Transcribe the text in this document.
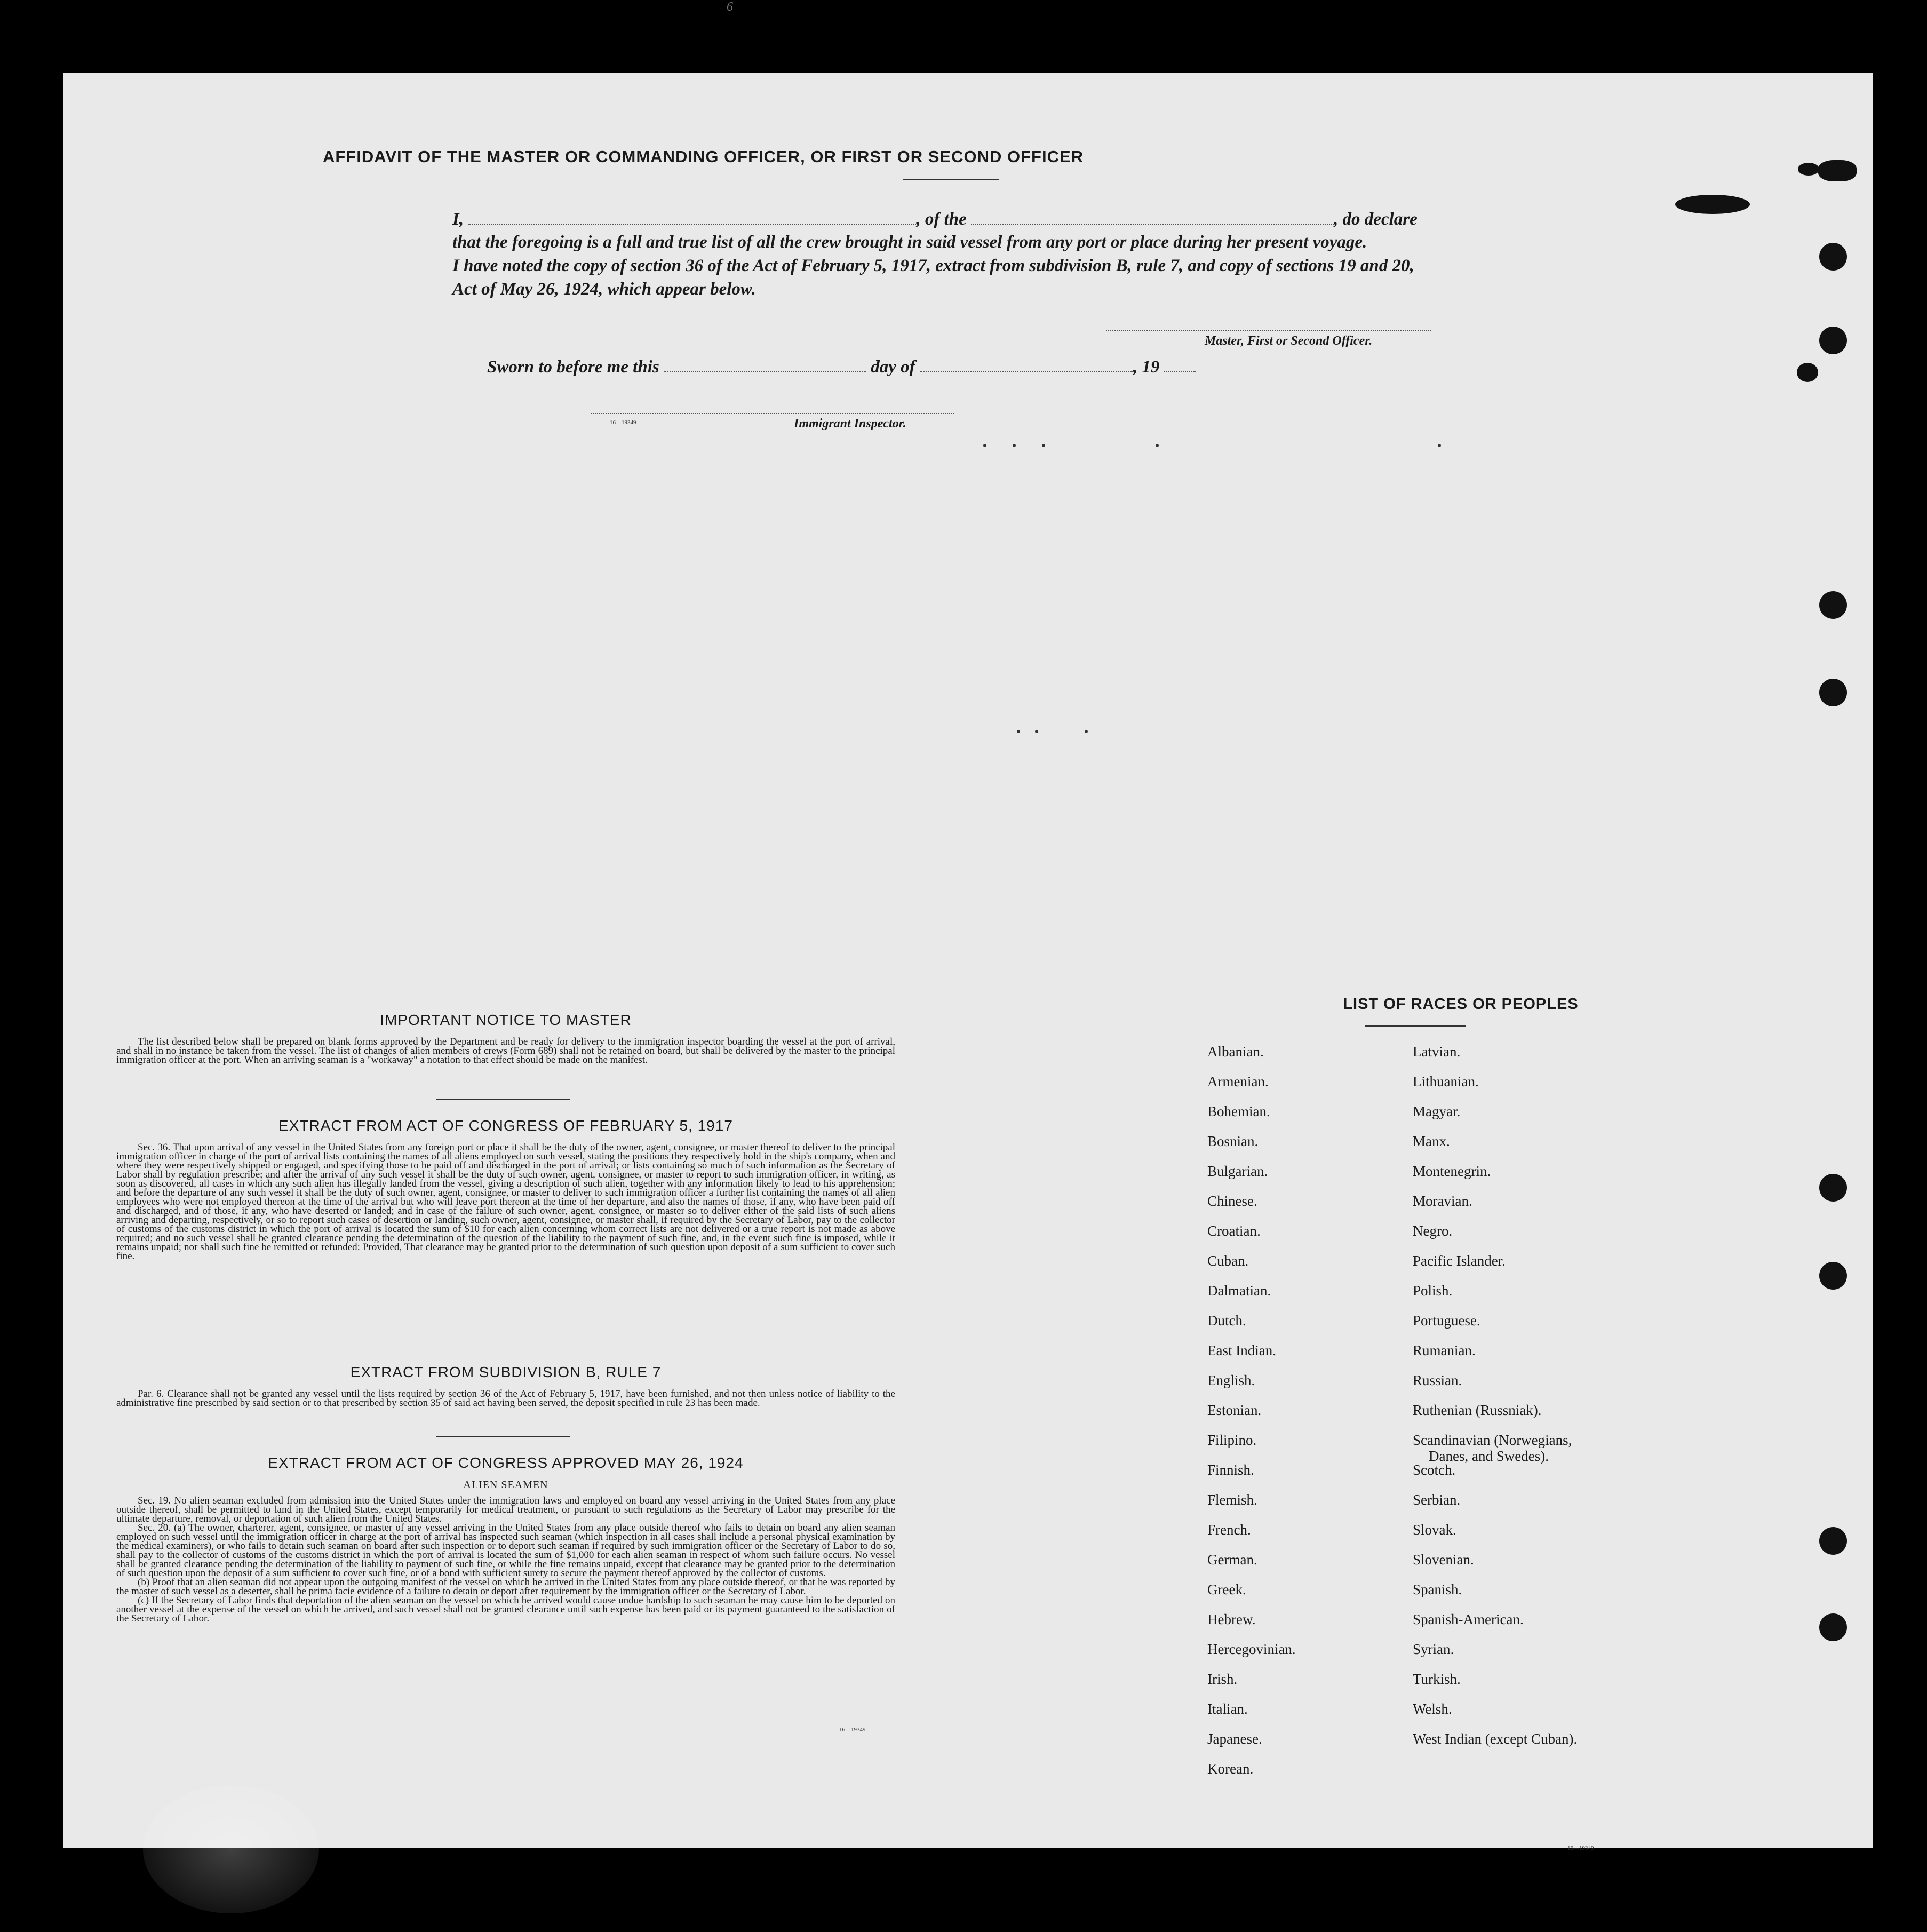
6
AFFIDAVIT OF THE MASTER OR COMMANDING OFFICER, OR FIRST OR SECOND OFFICER
I,	, of the	, do declare
that the foregoing is a full and true list of all the crew brought in said vessel from any port or place during her present voyage.
I have noted the copy of section 36 of the Act of February 5, 1917, extract from subdivision B, rule 7, and copy of sections 19 and 20,
Act of May 26, 1924, which appear below.
Master, First or Second Officer.
Sworn to before me this	day of	, 19
16—19349	Immigrant Inspector.
IMPORTANT NOTICE TO MASTER

The list described below shall be prepared on blank forms approved by the Department and be ready for delivery to the immigration inspector boarding the vessel at the port of arrival, and shall in no instance be taken from the vessel. The list of changes of alien members of crews (Form 689) shall not be retained on board, but shall be delivered by the master to the principal immigration officer at the port. When an arriving seaman is a "workaway" a notation to that effect should be made on the manifest.

EXTRACT FROM ACT OF CONGRESS OF FEBRUARY 5, 1917

Sec. 36. That upon arrival of any vessel in the United States from any foreign port or place it shall be the duty of the owner, agent, consignee, or master thereof to deliver to the principal immigration officer in charge of the port of arrival lists containing the names of all aliens employed on such vessel, stating the positions they respectively hold in the ship's company, when and where they were respectively shipped or engaged, and specifying those to be paid off and discharged in the port of arrival; or lists containing so much of such information as the Secretary of Labor shall by regulation prescribe; and after the arrival of any such vessel it shall be the duty of such owner, agent, consignee, or master to report to such immigration officer, in writing, as soon as discovered, all cases in which any such alien has illegally landed from the vessel, giving a description of such alien, together with any information likely to lead to his apprehension; and before the departure of any such vessel it shall be the duty of such owner, agent, consignee, or master to deliver to such immigration officer a further list containing the names of all alien employees who were not employed thereon at the time of the arrival but who will leave port thereon at the time of her departure, and also the names of those, if any, who have been paid off and discharged, and of those, if any, who have deserted or landed; and in case of the failure of such owner, agent, consignee, or master so to deliver either of the said lists of such aliens arriving and departing, respectively, or so to report such cases of desertion or landing, such owner, agent, consignee, or master shall, if required by the Secretary of Labor, pay to the collector of customs of the customs district in which the port of arrival is located the sum of $10 for each alien concerning whom correct lists are not delivered or a true report is not made as above required; and no such vessel shall be granted clearance pending the determination of the question of the liability to the payment of such fine, and, in the event such fine is imposed, while it remains unpaid; nor shall such fine be remitted or refunded: Provided, That clearance may be granted prior to the determination of such question upon deposit of a sum sufficient to cover such fine.

EXTRACT FROM SUBDIVISION B, RULE 7

Par. 6. Clearance shall not be granted any vessel until the lists required by section 36 of the Act of February 5, 1917, have been furnished, and not then unless notice of liability to the administrative fine prescribed by said section or to that prescribed by section 35 of said act having been served, the deposit specified in rule 23 has been made.

EXTRACT FROM ACT OF CONGRESS APPROVED MAY 26, 1924
ALIEN SEAMEN

Sec. 19. No alien seaman excluded from admission into the United States under the immigration laws and employed on board any vessel arriving in the United States from any place outside thereof, shall be permitted to land in the United States, except temporarily for medical treatment, or pursuant to such regulations as the Secretary of Labor may prescribe for the ultimate departure, removal, or deportation of such alien from the United States.

Sec. 20. (a) The owner, charterer, agent, consignee, or master of any vessel arriving in the United States from any place outside thereof who fails to detain on board any alien seaman employed on such vessel until the immigration officer in charge at the port of arrival has inspected such seaman (which inspection in all cases shall include a personal physical examination by the medical examiners), or who fails to detain such seaman on board after such inspection or to deport such seaman if required by such immigration officer or the Secretary of Labor to do so, shall pay to the collector of customs of the customs district in which the port of arrival is located the sum of $1,000 for each alien seaman in respect of whom such failure occurs. No vessel shall be granted clearance pending the determination of the liability to payment of such fine, or while the fine remains unpaid, except that clearance may be granted prior to the determination of such question upon the deposit of a sum sufficient to cover such fine, or of a bond with sufficient surety to secure the payment thereof approved by the collector of customs.

(b) Proof that an alien seaman did not appear upon the outgoing manifest of the vessel on which he arrived in the United States from any place outside thereof, or that he was reported by the master of such vessel as a deserter, shall be prima facie evidence of a failure to detain or deport after requirement by the immigration officer or the Secretary of Labor.

(c) If the Secretary of Labor finds that deportation of the alien seaman on the vessel on which he arrived would cause undue hardship to such seaman he may cause him to be deported on another vessel at the expense of the vessel on which he arrived, and such vessel shall not be granted clearance until such expense has been paid or its payment guaranteed to the satisfaction of the Secretary of Labor.

16—19349
LIST OF RACES OR PEOPLES
Albanian.
Armenian.
Bohemian.
Bosnian.
Bulgarian.
Chinese.
Croatian.
Cuban.
Dalmatian.
Dutch.
East Indian.
English.
Estonian.
Filipino.
Finnish.
Flemish.
French.
German.
Greek.
Hebrew.
Hercegovinian.
Irish.
Italian.
Japanese.
Korean.
Latvian.
Lithuanian.
Magyar.
Manx.
Montenegrin.
Moravian.
Negro.
Pacific Islander.
Polish.
Portuguese.
Rumanian.
Russian.
Ruthenian (Russniak).
Scandinavian (Norwegians,
Danes, and Swedes).
Scotch.
Serbian.
Slovak.
Slovenian.
Spanish.
Spanish-American.
Syrian.
Turkish.
Welsh.
West Indian (except Cuban).
16—19349
